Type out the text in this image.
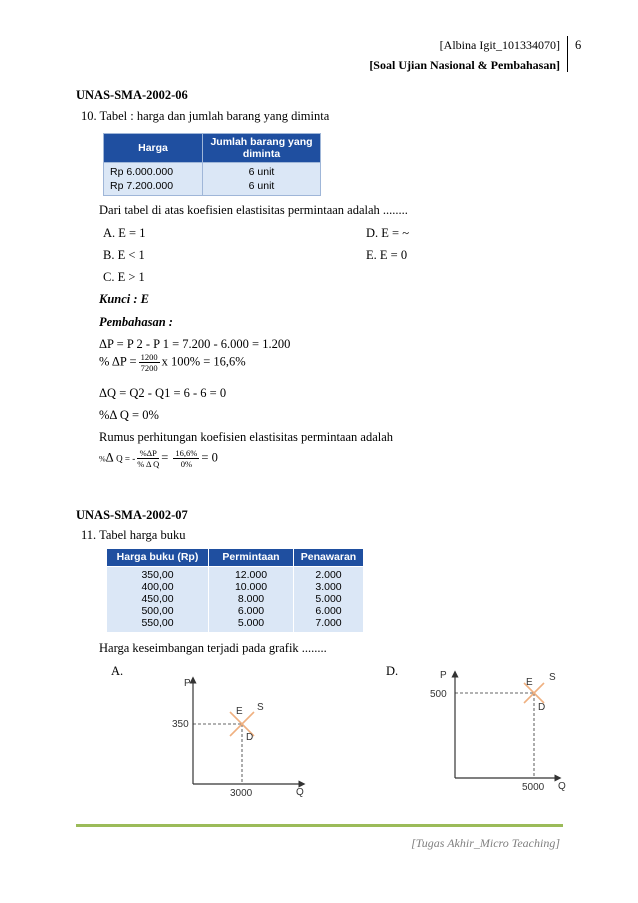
[Albina Igit_101334070]
[Soal Ujian Nasional & Pembahasan]
6
UNAS-SMA-2002-06
10. Tabel : harga dan jumlah barang yang diminta
Harga	Jumlah barang yang diminta
Rp 6.000.000	6 unit
Rp 7.200.000	6 unit
Dari tabel di atas koefisien elastisitas permintaan adalah ........
A. E = 1	D. E = ~
B. E < 1	E. E = 0
C. E > 1
Kunci : E
Pembahasan :
ΔP = P 2 - P 1 = 7.200 - 6.000 = 1.200
% $\Delta P = \frac{1200}{7200}$ x 100% = 16,6%
ΔQ = Q2 - Q1 = 6 - 6 = 0
%Δ Q = 0%
Rumus perhitungan koefisien elastisitas permintaan adalah
%Δ Q = - $\frac{\%\Delta P}{\text{\% Δ Q}} = \frac{16,6\%}{0\%} = 0$
UNAS-SMA-2002-07
11. Tabel harga buku
Harga buku (Rp)	Permintaan	Penawaran
350,00	12.000	2.000
400,00	10.000	3.000
450,00	8.000	5.000
500,00	6.000	6.000
550,00	5.000	7.000
Harga keseimbangan terjadi pada grafik ........
A.	D.
P
Q
350
3000
E S
D
P
Q
500
5000
E S
D
[Tugas Akhir_Micro Teaching]
